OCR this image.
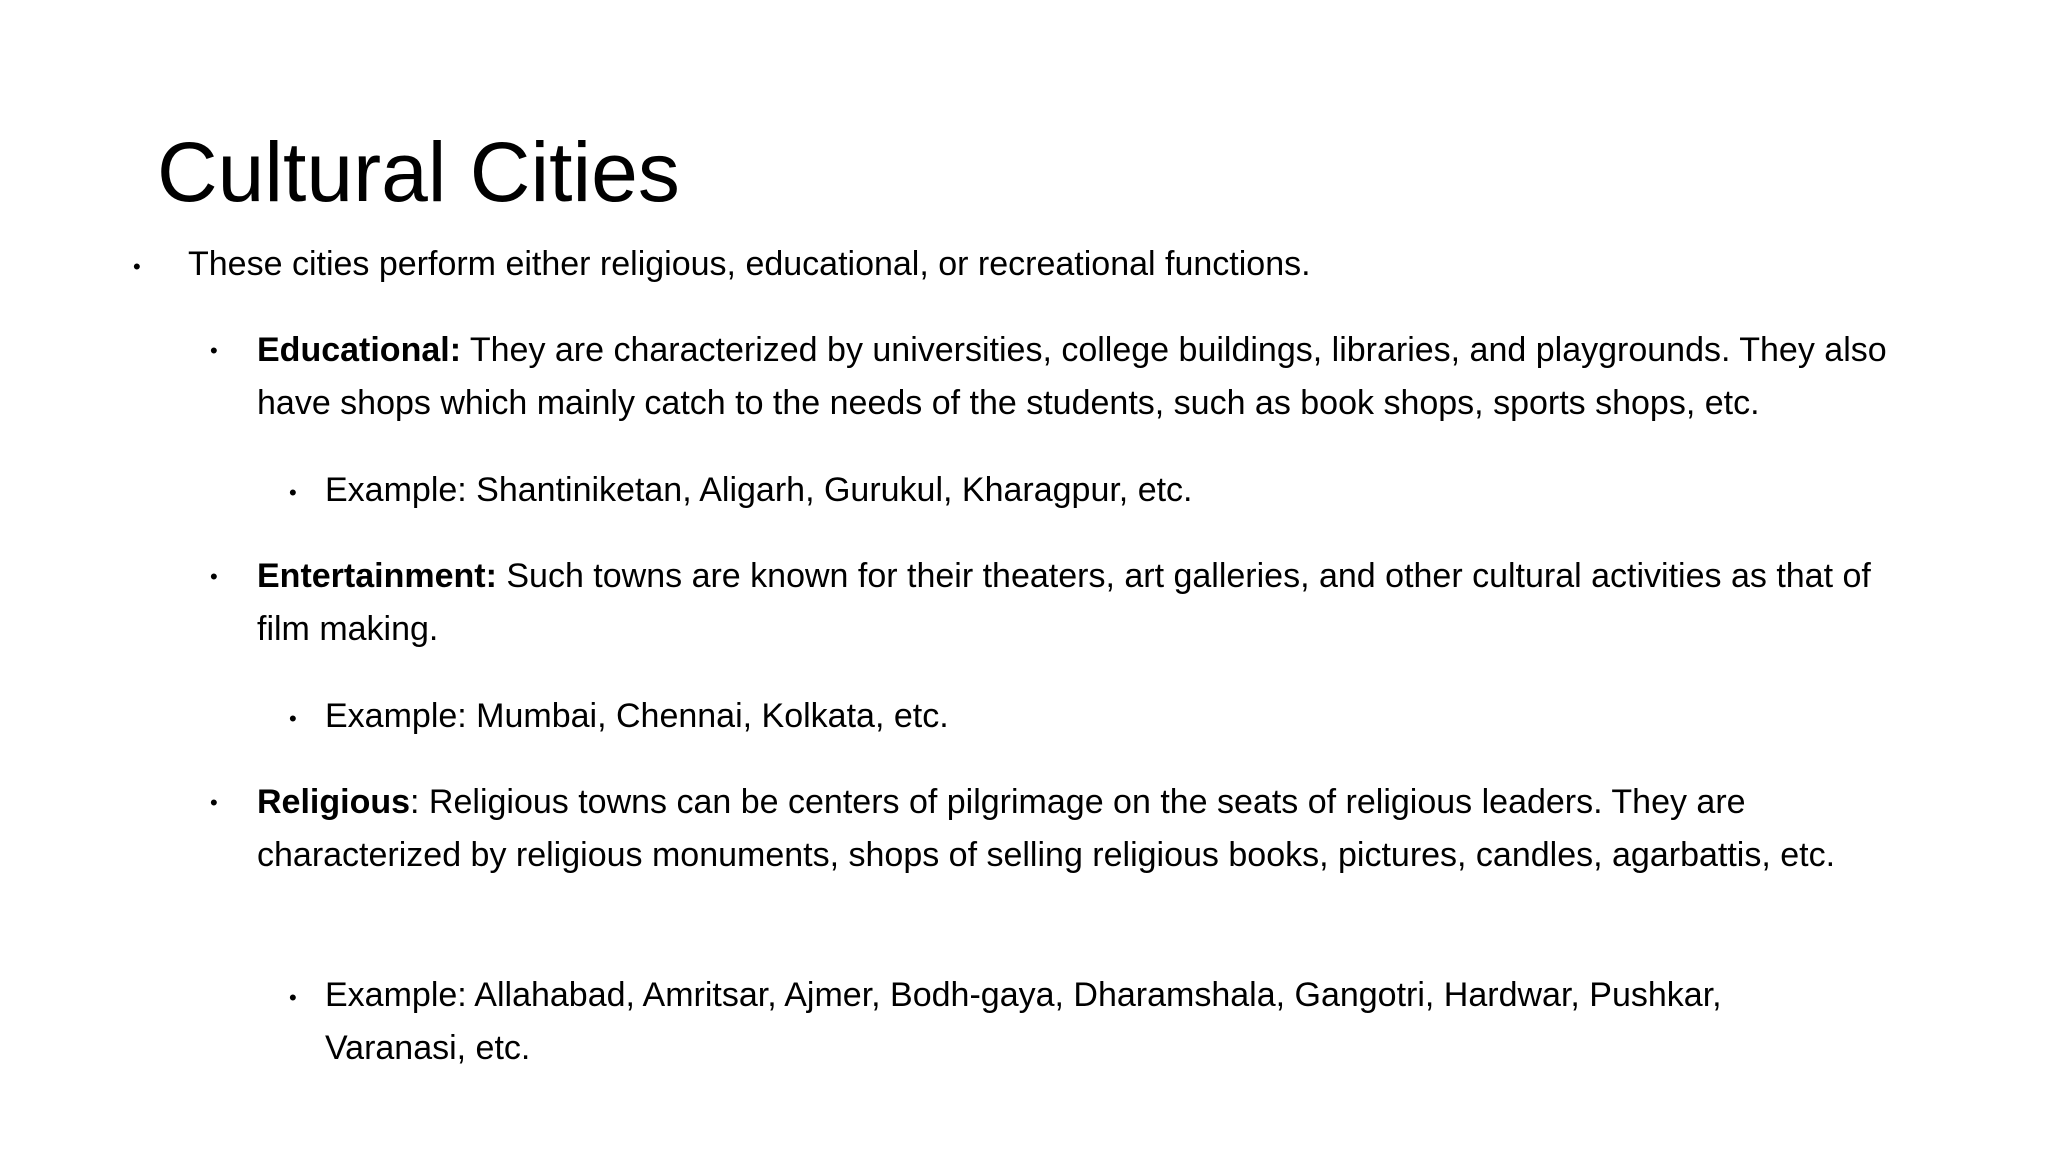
Cultural Cities
• These cities perform either religious, educational, or recreational functions.
• Educational: They are characterized by universities, college buildings, libraries, and playgrounds. They also have shops which mainly catch to the needs of the students, such as book shops, sports shops, etc.
• Example: Shantiniketan, Aligarh, Gurukul, Kharagpur, etc.
• Entertainment: Such towns are known for their theaters, art galleries, and other cultural activities as that of film making.
• Example: Mumbai, Chennai, Kolkata, etc.
• Religious: Religious towns can be centers of pilgrimage on the seats of religious leaders. They are characterized by religious monuments, shops of selling religious books, pictures, candles, agarbattis, etc.
• Example: Allahabad, Amritsar, Ajmer, Bodh-gaya, Dharamshala, Gangotri, Hardwar, Pushkar, Varanasi, etc.
